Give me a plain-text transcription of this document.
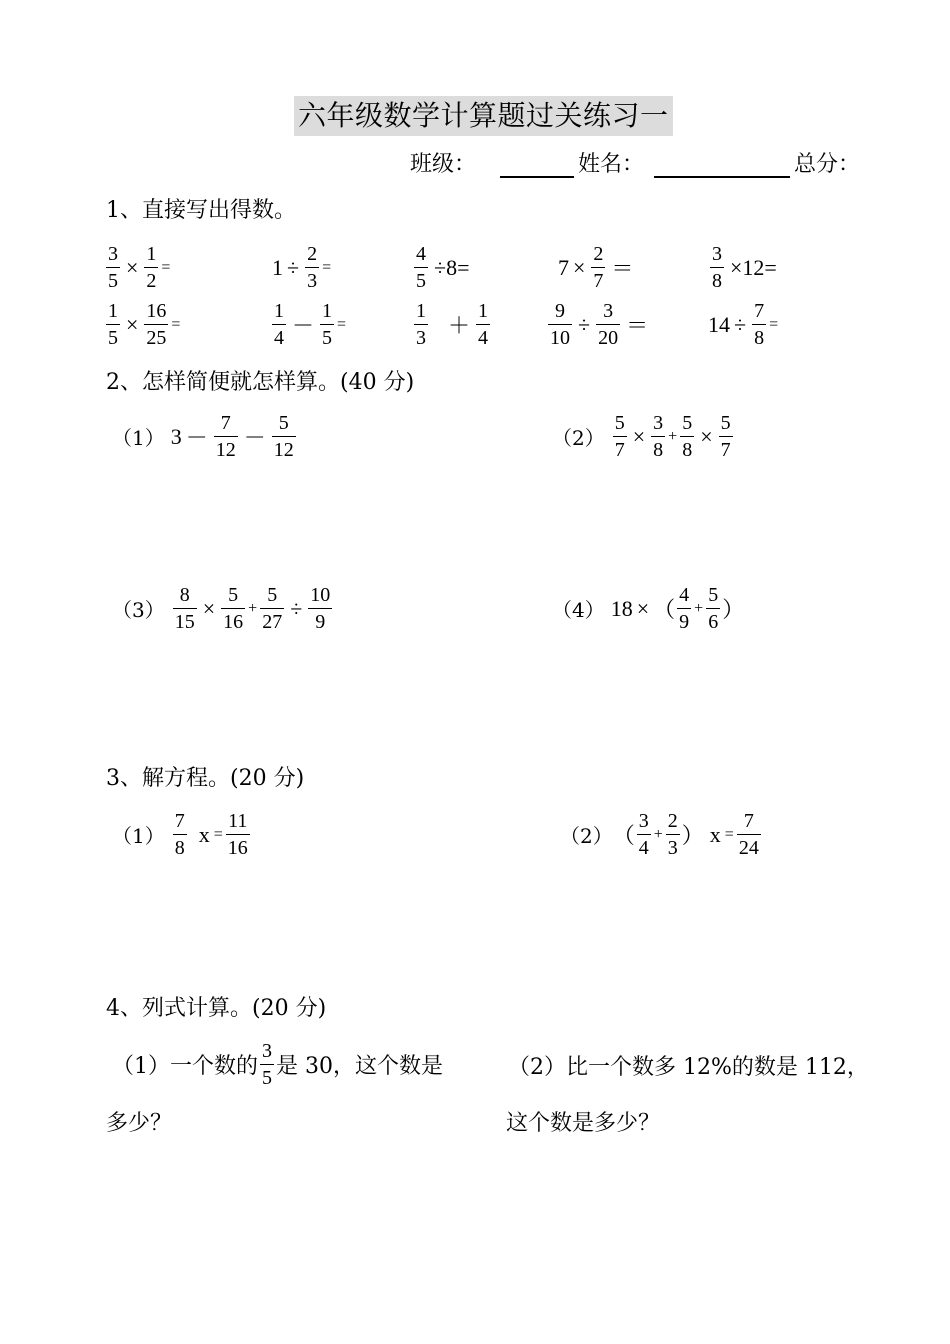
六年级数学计算题过关练习一
班级：	姓名：	总分：
1、直接写出得数。
$\frac{3}{5} \times \frac{1}{2}$ =	$1 \div \frac{2}{3}$ =	$\frac{4}{5} \div 8=$	$7 \times \frac{2}{7}$ ＝	$\frac{3}{8} \times 12=$
$\frac{1}{5} \times \frac{16}{25}$ =	$\frac{1}{4} - \frac{1}{5}$ =	$\frac{1}{3} + \frac{1}{4}$	$\frac{9}{10} \div \frac{3}{20}$ ＝	$14 \div \frac{7}{8}$ =
2、怎样简便就怎样算。(40 分)
（1） $3 - \frac{7}{12} - \frac{5}{12}$	$(2) \frac{5}{7} \times \frac{3}{8} + \frac{5}{8} \times \frac{5}{7}$
$(3) \frac{8}{15} \times \frac{5}{16} + \frac{5}{27} \div \frac{10}{9}$	（4） 18 × （ $\frac{4}{9} + \frac{5}{6}$ ）
3、解方程。(20 分)
$(1) \frac{7}{8}$ $x = \frac{11}{16}$	（2） （ $\frac{3}{4} + \frac{2}{3}$ ） $x = \frac{7}{24}$
4、列式计算。(20 分)
（1）一个数的 $\frac{3}{5}$ 是 30，这个数是
多少？
（2）比一个数多 12%的数是 112，
这个数是多少？
